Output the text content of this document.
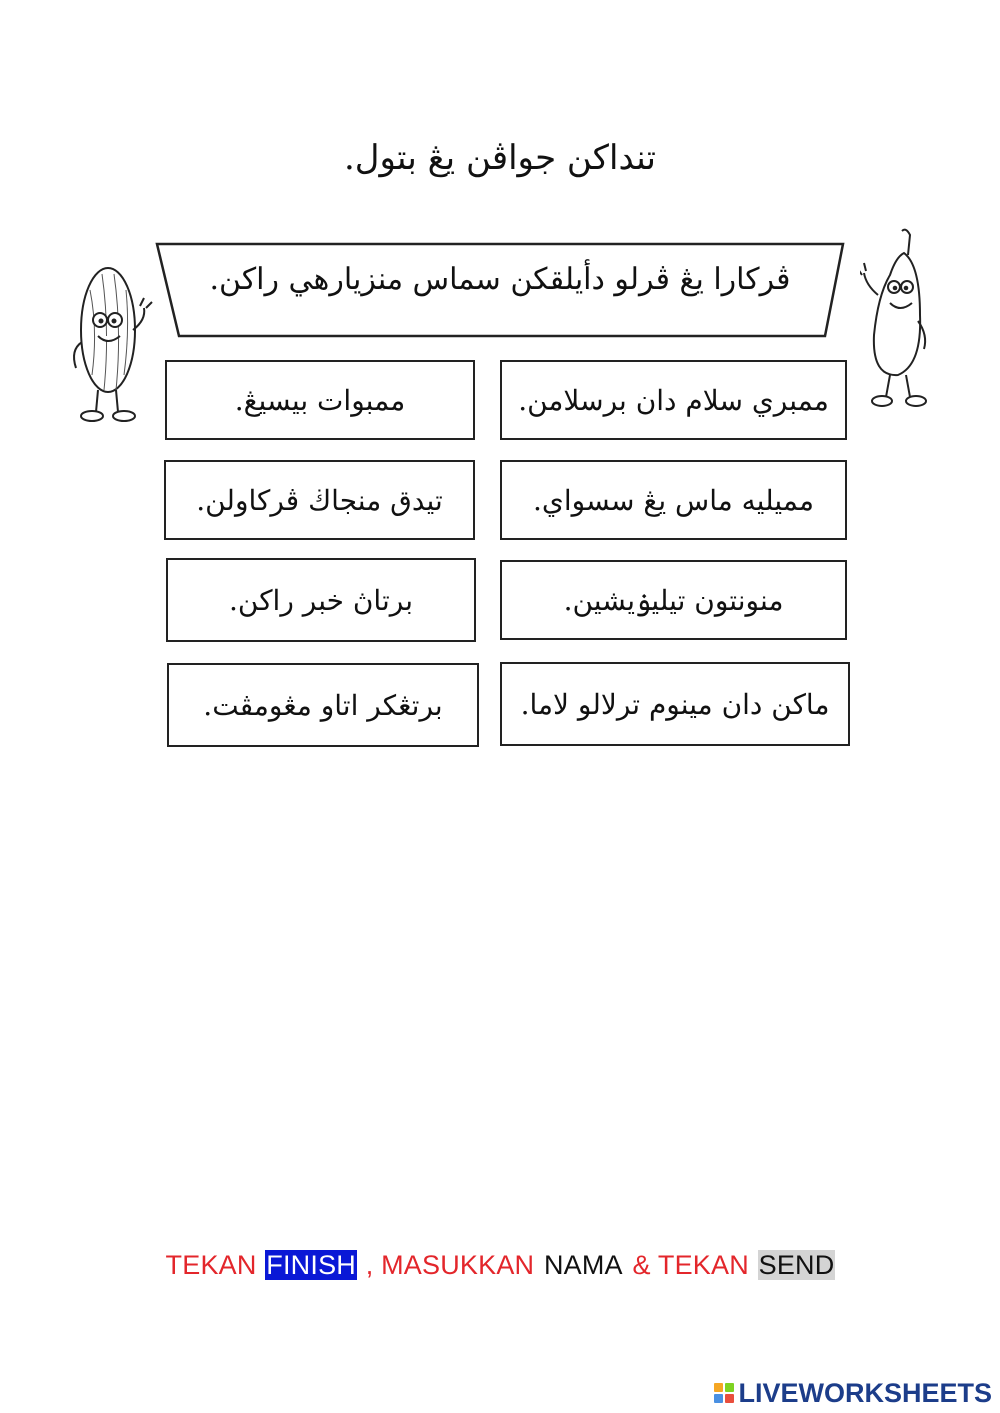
تنداكن جواڤن يڠ بتول.
ڤركارا يڠ ڤرلو دأيلقكن سماس منزيارهي راكن.
ممبري سلام دان برسلامن.
مميليه ماس يڠ سسواي.
منونتون تيليۏيشين.
ماكن دان مينوم ترلالو لاما.
ممبوات بيسيڠ.
تيدق منجاڬ ڤركاولن.
برتاڽ خبر راكن.
برتڠكر اتاو مڠومڤت.
TEKAN FINISH , MASUKKAN NAMA & TEKAN SEND
LIVEWORKSHEETS
